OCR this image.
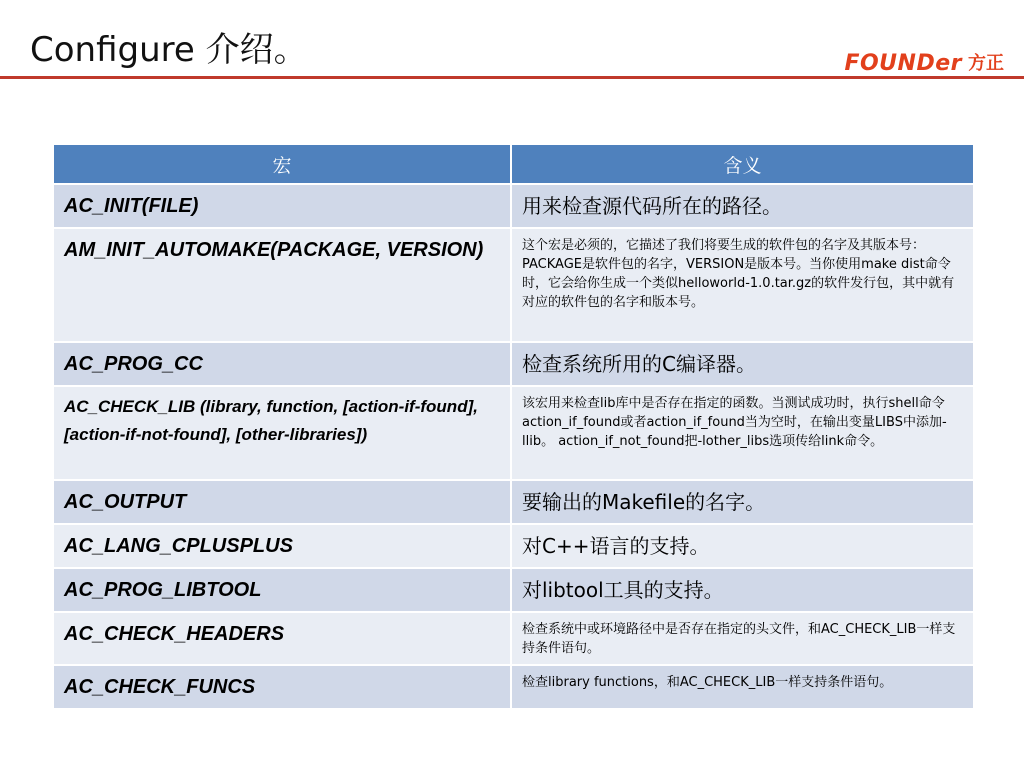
Configure 介绍。	FOUNDer 方正
宏	含义
AC_INIT(FILE)	用来检查源代码所在的路径。
AM_INIT_AUTOMAKE(PACKAGE, VERSION)	这个宏是必须的，它描述了我们将要生成的软件包的名字及其版本号：PACKAGE是软件包的名字，VERSION是版本号。当你使用make dist命令时，它会给你生成一个类似helloworld-1.0.tar.gz的软件发行包，其中就有对应的软件包的名字和版本号。
AC_PROG_CC	检查系统所用的C编译器。
AC_CHECK_LIB (library, function, [action-if-found], [action-if-not-found], [other-libraries])	该宏用来检查lib库中是否存在指定的函数。当测试成功时，执行shell命令action_if_found或者action_if_found当为空时，在输出变量LIBS中添加-llib。 action_if_not_found把-lother_libs选项传给link命令。
AC_OUTPUT	要输出的Makefile的名字。
AC_LANG_CPLUSPLUS	对C++语言的支持。
AC_PROG_LIBTOOL	对libtool工具的支持。
AC_CHECK_HEADERS	检查系统中或环境路径中是否存在指定的头文件，和AC_CHECK_LIB一样支持条件语句。
AC_CHECK_FUNCS	检查library functions，和AC_CHECK_LIB一样支持条件语句。
